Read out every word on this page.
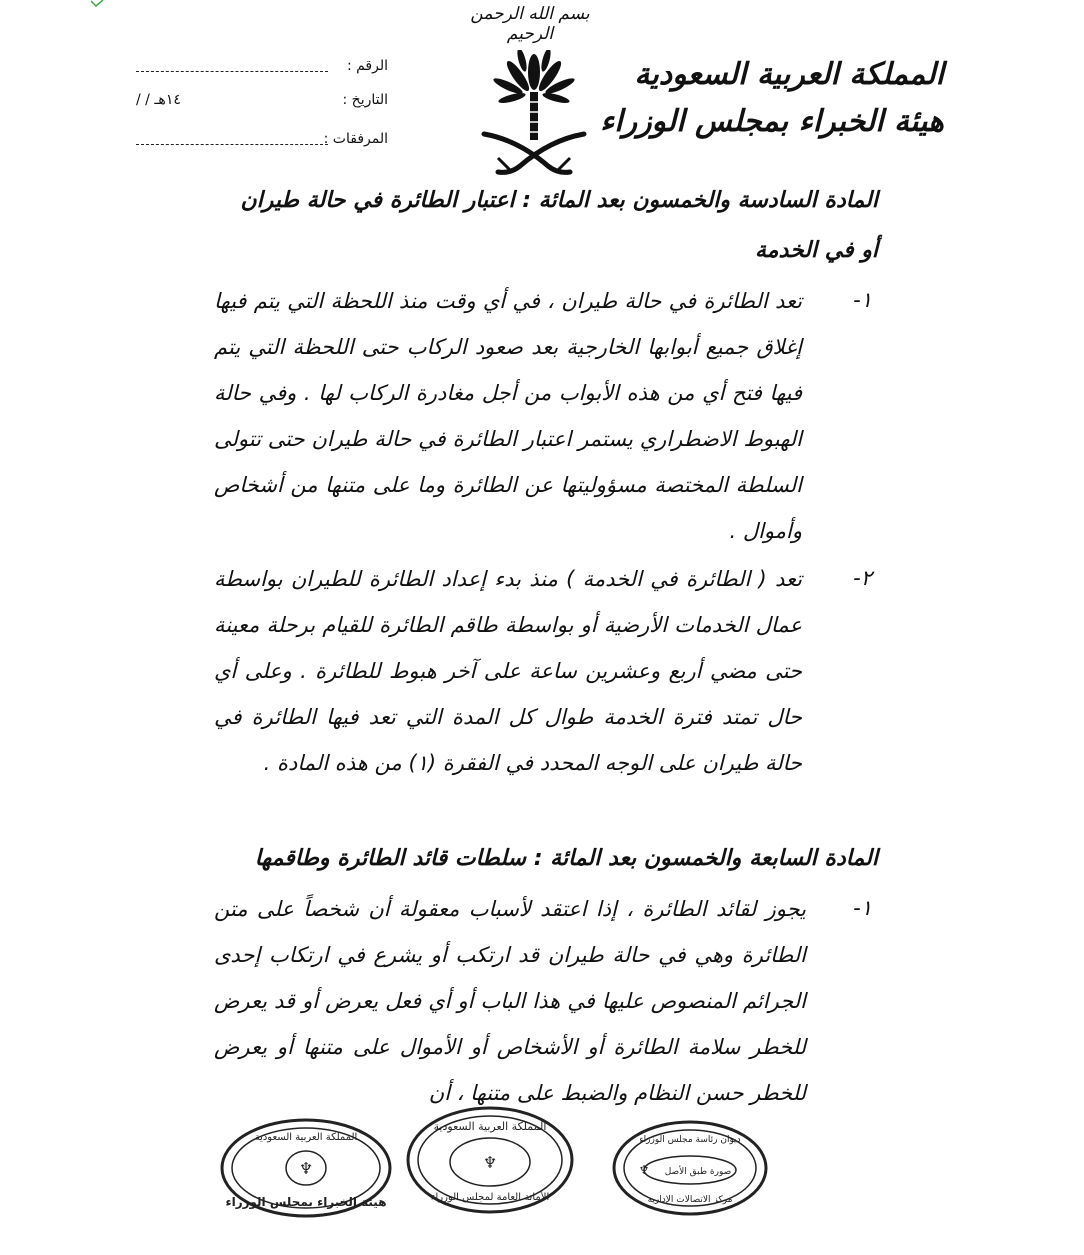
بسم الله الرحمن الرحيم
المملكة العربية السعودية
هيئة الخبراء بمجلس الوزراء
الرقم :
التاريخ :
١٤هـ / /
المرفقات :
المادة السادسة والخمسون بعد المائة : اعتبار الطائرة في حالة طيران
أو في الخدمة
١-
تعد الطائرة في حالة طيران ، في أي وقت منذ اللحظة التي يتم فيها إغلاق جميع أبوابها الخارجية بعد صعود الركاب حتى اللحظة التي يتم فيها فتح أي من هذه الأبواب من أجل مغادرة الركاب لها . وفي حالة الهبوط الاضطراري يستمر اعتبار الطائرة في حالة طيران حتى تتولى السلطة المختصة مسؤوليتها عن الطائرة وما على متنها من أشخاص وأموال .
٢-
تعد ( الطائرة في الخدمة ) منذ بدء إعداد الطائرة للطيران بواسطة عمال الخدمات الأرضية أو بواسطة طاقم الطائرة للقيام برحلة معينة حتى مضي أربع وعشرين ساعة على آخر هبوط للطائرة . وعلى أي حال تمتد فترة الخدمة طوال كل المدة التي تعد فيها الطائرة في حالة طيران على الوجه المحدد في الفقرة (١) من هذه المادة .
المادة السابعة والخمسون بعد المائة : سلطات قائد الطائرة وطاقمها
١-
يجوز لقائد الطائرة ، إذا اعتقد لأسباب معقولة أن شخصاً على متن الطائرة وهي في حالة طيران قد ارتكب أو يشرع في ارتكاب إحدى الجرائم المنصوص عليها في هذا الباب أو أي فعل يعرض أو قد يعرض للخطر سلامة الطائرة أو الأشخاص أو الأموال على متنها أو يعرض للخطر حسن النظام والضبط على متنها ، أن
♆
المملكة العربية السعودية
هيئة الخبراء بمجلس الوزراء
♆
المملكة العربية السعودية
الأمانة العامة لمجلس الوزراء
♆
ديوان رئاسة مجلس الوزراء
صورة طبق الأصل
مركز الاتصالات الإدارية
